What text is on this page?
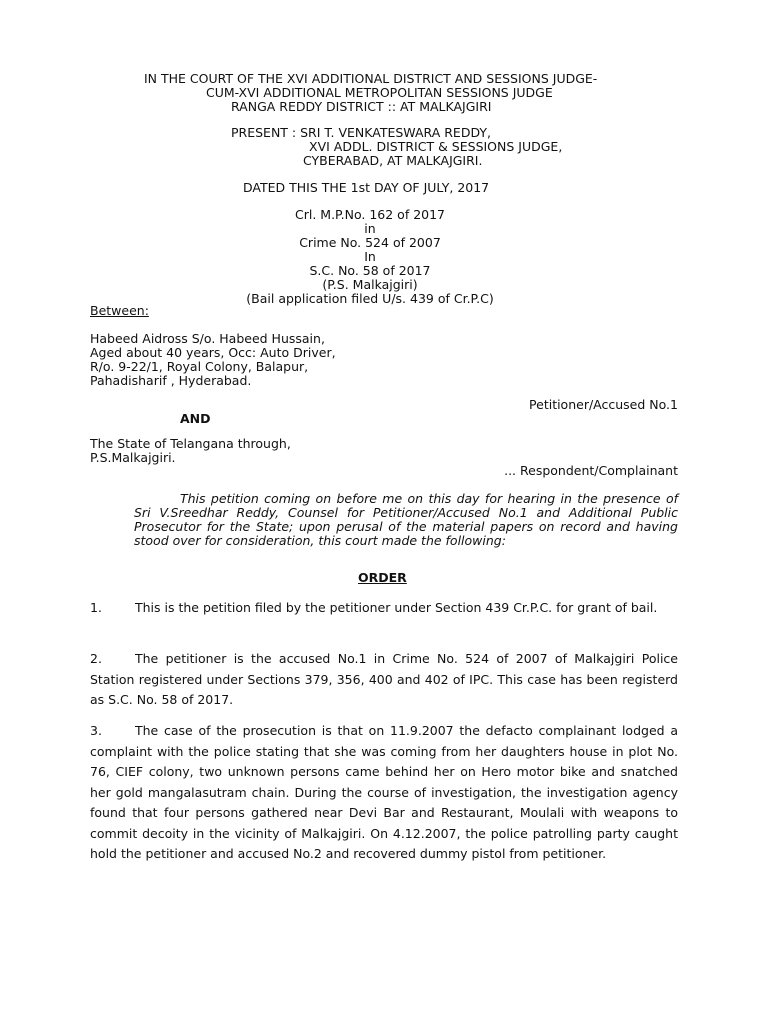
IN THE COURT OF THE XVI ADDITIONAL DISTRICT AND SESSIONS JUDGE-
CUM-XVI ADDITIONAL METROPOLITAN SESSIONS JUDGE
RANGA REDDY DISTRICT :: AT MALKAJGIRI
PRESENT : SRI T. VENKATESWARA REDDY,
XVI ADDL. DISTRICT & SESSIONS JUDGE,
CYBERABAD, AT MALKAJGIRI.
DATED THIS THE 1st DAY OF JULY, 2017
Crl. M.P.No. 162 of 2017
in
Crime No. 524 of 2007
In
S.C. No. 58 of 2017
(P.S. Malkajgiri)
(Bail application filed U/s. 439 of Cr.P.C)
Between:
Habeed Aidross S/o. Habeed Hussain,
Aged about 40 years, Occ: Auto Driver,
R/o. 9-22/1, Royal Colony, Balapur,
Pahadisharif , Hyderabad.
Petitioner/Accused No.1
AND
The State of Telangana through,
P.S.Malkajgiri.
... Respondent/Complainant
This petition coming on before me on this day for hearing in the presence of Sri V.Sreedhar Reddy, Counsel for Petitioner/Accused No.1 and Additional Public Prosecutor for the State; upon perusal of the material papers on record and having stood over for consideration, this court made the following:
ORDER
1.	This is the petition filed by the petitioner under Section 439 Cr.P.C. for grant of bail.
2.	The petitioner is the accused No.1 in Crime No. 524 of 2007 of Malkajgiri Police Station registered under Sections 379, 356, 400 and 402 of IPC. This case has been registerd as S.C. No. 58 of 2017.
3.	The case of the prosecution is that on 11.9.2007 the defacto complainant lodged a complaint with the police stating that she was coming from her daughters house in plot No. 76, CIEF colony, two unknown persons came behind her on Hero motor bike and snatched her gold mangalasutram chain. During the course of investigation, the investigation agency found that four persons gathered near Devi Bar and Restaurant, Moulali with weapons to commit decoity in the vicinity of Malkajgiri. On 4.12.2007, the police patrolling party caught hold the petitioner and accused No.2 and recovered dummy pistol from petitioner.
